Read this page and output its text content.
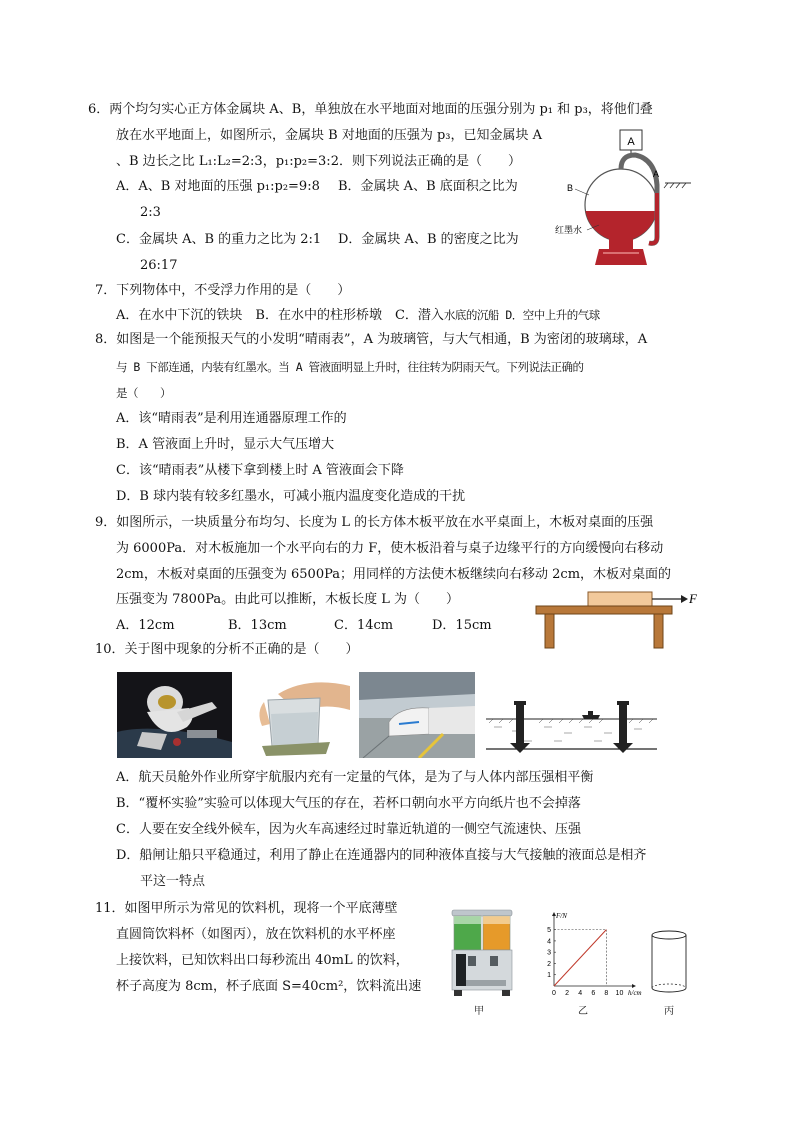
6．两个均匀实心正方体金属块 A、B，单独放在水平地面对地面的压强分别为 p₁ 和 p₃，将他们叠
放在水平地面上，如图所示，金属块 B 对地面的压强为 p₃，已知金属块 A
、B 边长之比 L₁:L₂=2:3，p₁:p₂=3:2．则下列说法正确的是（　　）
A．A、B 对地面的压强 p₁:p₂=9:8 B．金属块 A、B 底面积之比为
2:3
C．金属块 A、B 的重力之比为 2:1 D．金属块 A、B 的密度之比为
26:17
A
A
B
红墨水
7．下列物体中，不受浮力作用的是（　　）
A．在水中下沉的铁块　B．在水中的柱形桥墩　C．潜入水底的沉船 D．空中上升的气球
8．如图是一个能预报天气的小发明“晴雨表”，A 为玻璃管，与大气相通，B 为密闭的玻璃球，A
与 B 下部连通，内装有红墨水。当 A 管液面明显上升时，往往转为阴雨天气。下列说法正确的
是（　　）
A．该“晴雨表”是利用连通器原理工作的
B．A 管液面上升时，显示大气压增大
C．该“晴雨表”从楼下拿到楼上时 A 管液面会下降
D．B 球内装有较多红墨水，可减小瓶内温度变化造成的干扰
9．如图所示，一块质量分布均匀、长度为 L 的长方体木板平放在水平桌面上，木板对桌面的压强
为 6000Pa．对木板施加一个水平向右的力 F，使木板沿着与桌子边缘平行的方向缓慢向右移动
2cm，木板对桌面的压强变为 6500Pa；用同样的方法使木板继续向右移动 2cm，木板对桌面的
压强变为 7800Pa。由此可以推断，木板长度 L 为（　　）
A．12cm	B．13cm	C．14cm	D．15cm
F
10．关于图中现象的分析不正确的是（　　）
A．航天员舱外作业所穿宇航服内充有一定量的气体，是为了与人体内部压强相平衡
B．“覆杯实验”实验可以体现大气压的存在，若杯口朝向水平方向纸片也不会掉落
C．人要在安全线外候车，因为火车高速经过时靠近轨道的一侧空气流速快、压强
D．船闸让船只平稳通过，利用了静止在连通器内的同种液体直接与大气接触的液面总是相齐
平这一特点
11．如图甲所示为常见的饮料机，现将一个平底薄壁
直圆筒饮料杯（如图丙），放在饮料机的水平杯座
上接饮料，已知饮料出口每秒流出 40mL 的饮料，
杯子高度为 8cm，杯子底面 S=40cm²，饮料流出速
甲
0 2 4 6 8 10
1
2
3
4
5
h/cm
F/N
乙	丙
